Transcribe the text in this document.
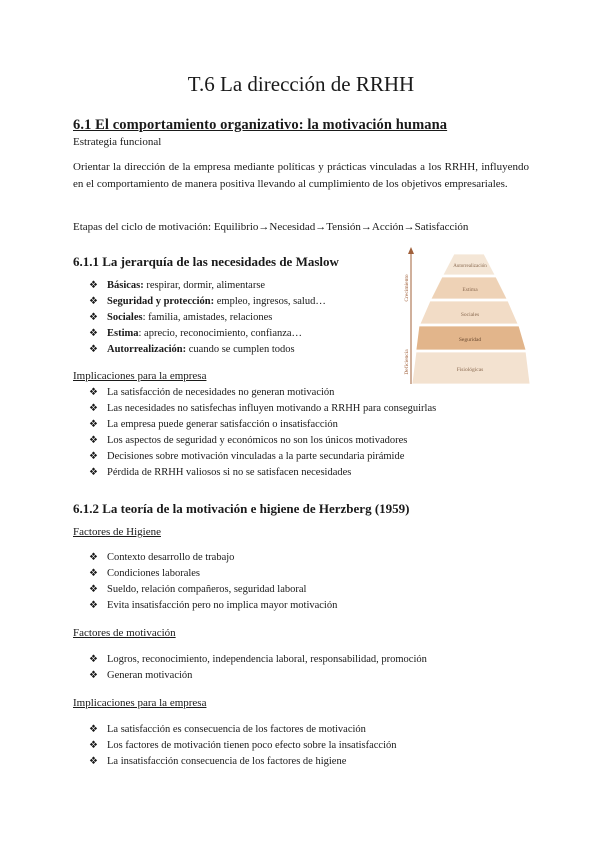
T.6 La dirección de RRHH
6.1 El comportamiento organizativo: la motivación humana

Estrategia funcional

Orientar la dirección de la empresa mediante políticas y prácticas vinculadas a los RRHH, influyendo en el comportamiento de manera positiva llevando al cumplimiento de los objetivos empresariales.

Etapas del ciclo de motivación: Equilibrio→Necesidad→Tensión→Acción→Satisfacción

6.1.1 La jerarquía de las necesidades de Maslow
❖ Básicas: respirar, dormir, alimentarse
❖ Seguridad y protección: empleo, ingresos, salud…
❖ Sociales: familia, amistades, relaciones
❖ Estima: aprecio, reconocimiento, confianza…
❖ Autorrealización: cuando se cumplen todos
Crecimiento
Deficiencia
Autorrealización
Estima
Sociales
Seguridad
Fisiológicas

Implicaciones para la empresa

❖ La satisfacción de necesidades no generan motivación
❖ Las necesidades no satisfechas influyen motivando a RRHH para conseguirlas
❖ La empresa puede generar satisfacción o insatisfacción
❖ Los aspectos de seguridad y económicos no son los únicos motivadores
❖ Decisiones sobre motivación vinculadas a la parte secundaria pirámide
❖ Pérdida de RRHH valiosos si no se satisfacen necesidades
6.1.2 La teoría de la motivación e higiene de Herzberg (1959)

Factores de Higiene

❖ Contexto desarrollo de trabajo
❖ Condiciones laborales
❖ Sueldo, relación compañeros, seguridad laboral
❖ Evita insatisfacción pero no implica mayor motivación

Factores de motivación

❖ Logros, reconocimiento, independencia laboral, responsabilidad, promoción
❖ Generan motivación

Implicaciones para la empresa

❖ La satisfacción es consecuencia de los factores de motivación
❖ Los factores de motivación tienen poco efecto sobre la insatisfacción
❖ La insatisfacción consecuencia de los factores de higiene
